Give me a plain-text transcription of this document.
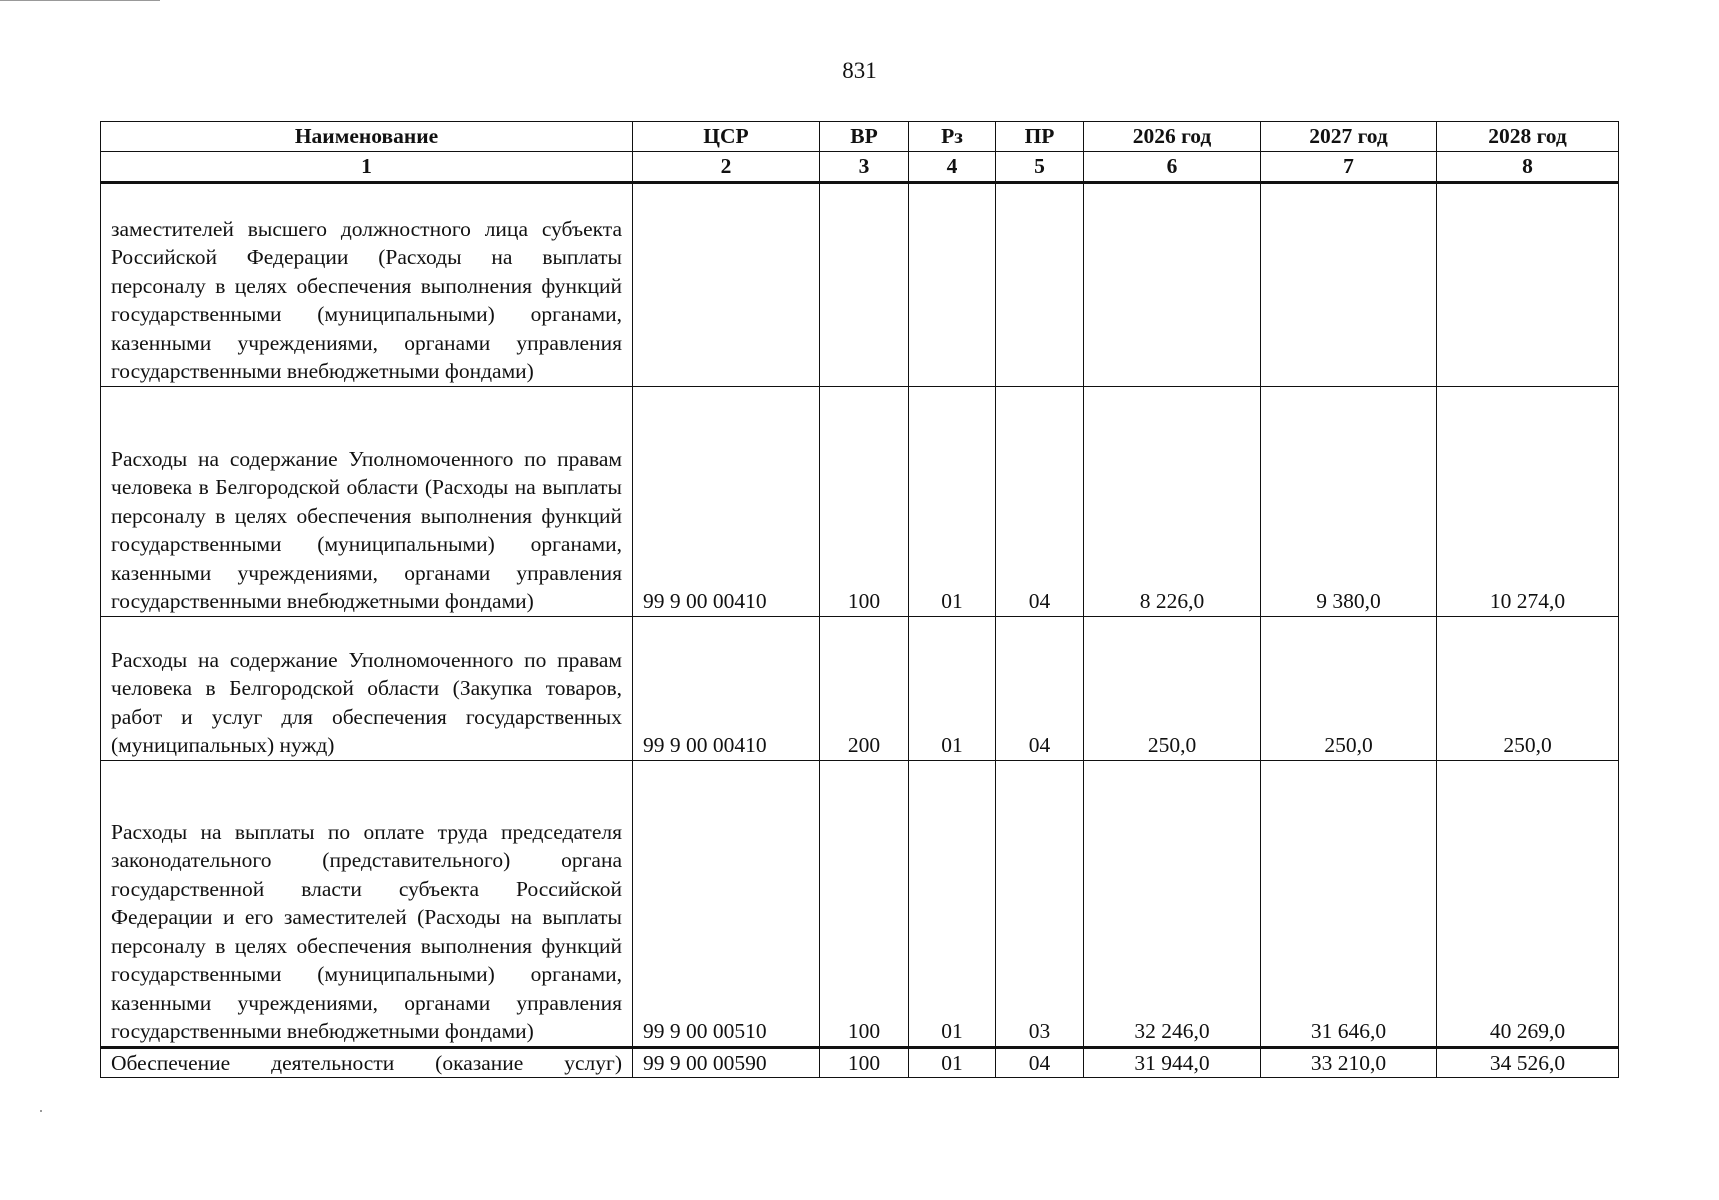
831
Наименование	ЦСР	ВР	Рз	ПР	2026 год	2027 год	2028 год
1	2	3	4	5	6	7	8
заместителей высшего должностного лица субъекта Российской Федерации (Расходы на выплаты персоналу в целях обеспечения выполнения функций государственными (муниципальными) органами, казенными учреждениями, органами управления государственными внебюджетными фондами)							
Расходы на содержание Уполномоченного по правам человека в Белгородской области (Расходы на выплаты персоналу в целях обеспечения выполнения функций государственными (муниципальными) органами, казенными учреждениями, органами управления государственными внебюджетными фондами)	99 9 00 00410	100	01	04	8 226,0	9 380,0	10 274,0
Расходы на содержание Уполномоченного по правам человека в Белгородской области (Закупка товаров, работ и услуг для обеспечения государственных (муниципальных) нужд)	99 9 00 00410	200	01	04	250,0	250,0	250,0
Расходы на выплаты по оплате труда председателя законодательного (представительного) органа государственной власти субъекта Российской Федерации и его заместителей (Расходы на выплаты персоналу в целях обеспечения выполнения функций государственными (муниципальными) органами, казенными учреждениями, органами управления государственными внебюджетными фондами)	99 9 00 00510	100	01	03	32 246,0	31 646,0	40 269,0
Обеспечение деятельности (оказание услуг)	99 9 00 00590	100	01	04	31 944,0	33 210,0	34 526,0
